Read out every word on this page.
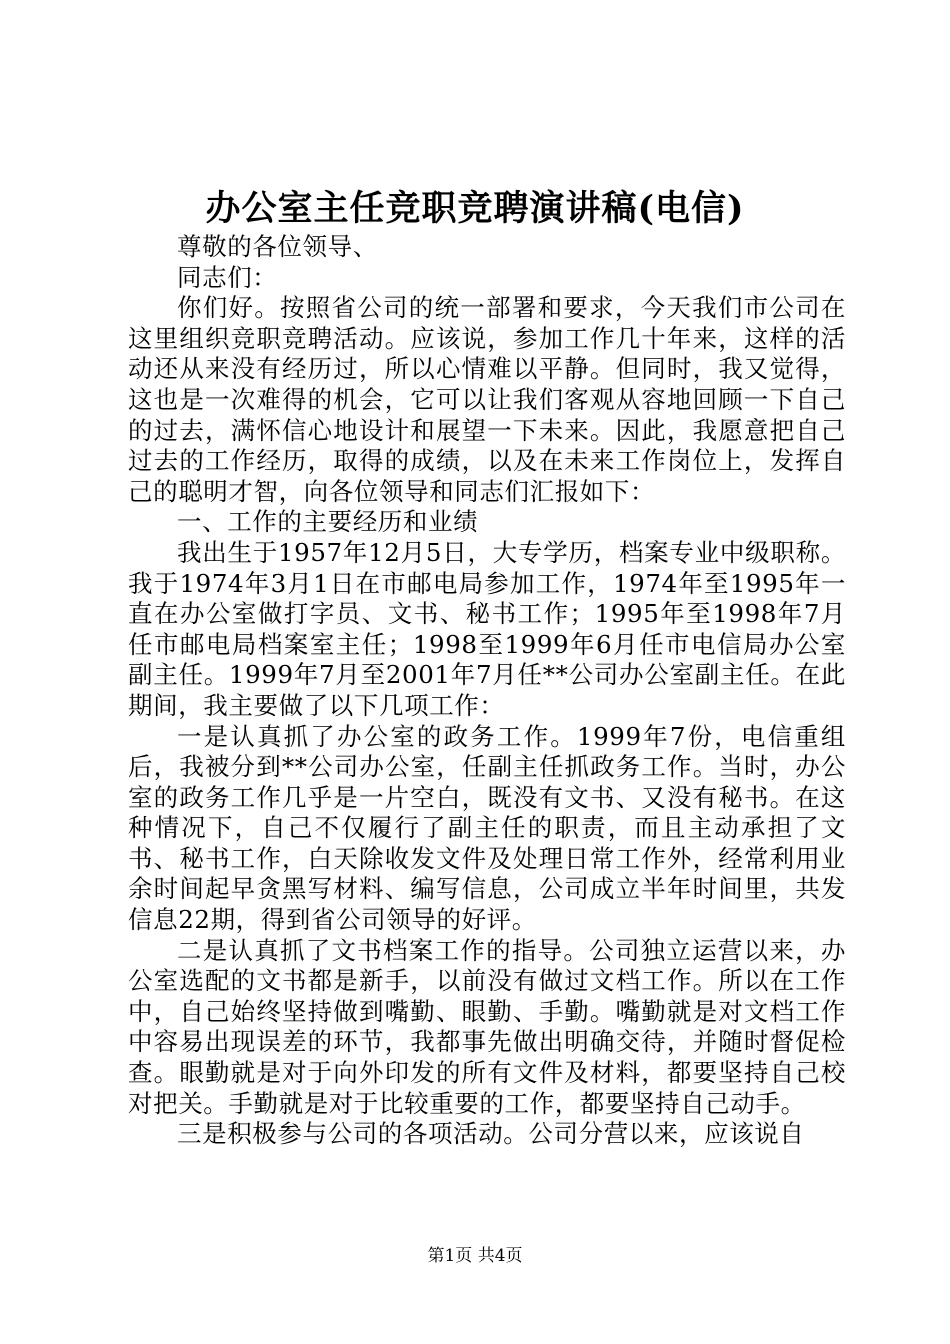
办公室主任竞职竞聘演讲稿(电信)

尊敬的各位领导、

同志们：

你们好。按照省公司的统一部署和要求，今天我们市公司在这里组织竞职竞聘活动。应该说，参加工作几十年来，这样的活动还从来没有经历过，所以心情难以平静。但同时，我又觉得，这也是一次难得的机会，它可以让我们客观从容地回顾一下自己的过去，满怀信心地设计和展望一下未来。因此，我愿意把自己过去的工作经历，取得的成绩，以及在未来工作岗位上，发挥自己的聪明才智，向各位领导和同志们汇报如下：

一、工作的主要经历和业绩

我出生于1957年12月5日，大专学历，档案专业中级职称。我于1974年3月1日在市邮电局参加工作，1974年至1995年一直在办公室做打字员、文书、秘书工作；1995年至1998年7月任市邮电局档案室主任；1998至1999年6月任市电信局办公室副主任。1999年7月至2001年7月任**公司办公室副主任。在此期间，我主要做了以下几项工作：

一是认真抓了办公室的政务工作。1999年7份，电信重组后，我被分到**公司办公室，任副主任抓政务工作。当时，办公室的政务工作几乎是一片空白，既没有文书、又没有秘书。在这种情况下，自己不仅履行了副主任的职责，而且主动承担了文书、秘书工作，白天除收发文件及处理日常工作外，经常利用业余时间起早贪黑写材料、编写信息，公司成立半年时间里，共发信息22期，得到省公司领导的好评。

二是认真抓了文书档案工作的指导。公司独立运营以来，办公室选配的文书都是新手，以前没有做过文档工作。所以在工作中，自己始终坚持做到嘴勤、眼勤、手勤。嘴勤就是对文档工作中容易出现误差的环节，我都事先做出明确交待，并随时督促检查。眼勤就是对于向外印发的所有文件及材料，都要坚持自己校对把关。手勤就是对于比较重要的工作，都要坚持自己动手。

三是积极参与公司的各项活动。公司分营以来，应该说自

第1页 共4页
